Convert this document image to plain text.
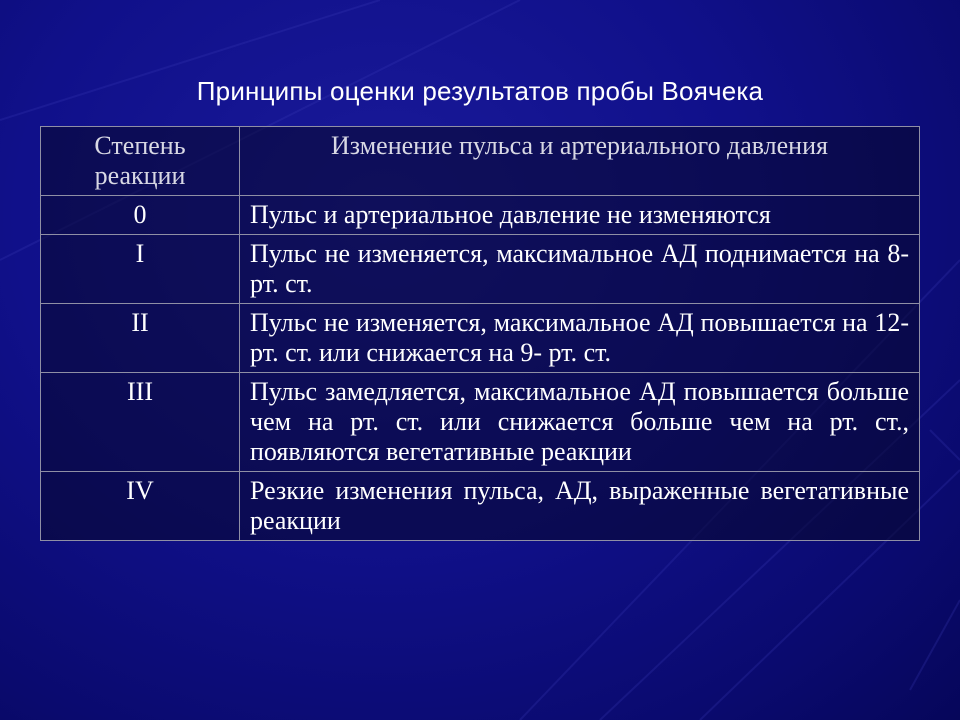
Принципы оценки результатов пробы Воячека
Степень
реакции	Изменение пульса и артериального давления
0	Пульс и артериальное давление не изменяются
I	Пульс не изменяется, максимальное АД поднимается на 8- рт. ст.
II	Пульс не изменяется, максимальное АД повышается на 12- рт. ст. или снижается на 9- рт. ст.
III	Пульс замедляется, максимальное АД повышается больше чем на рт. ст. или снижается больше чем на рт. ст., появляются вегетативные реакции
IV	Резкие изменения пульса, АД, выраженные вегетативные реакции
